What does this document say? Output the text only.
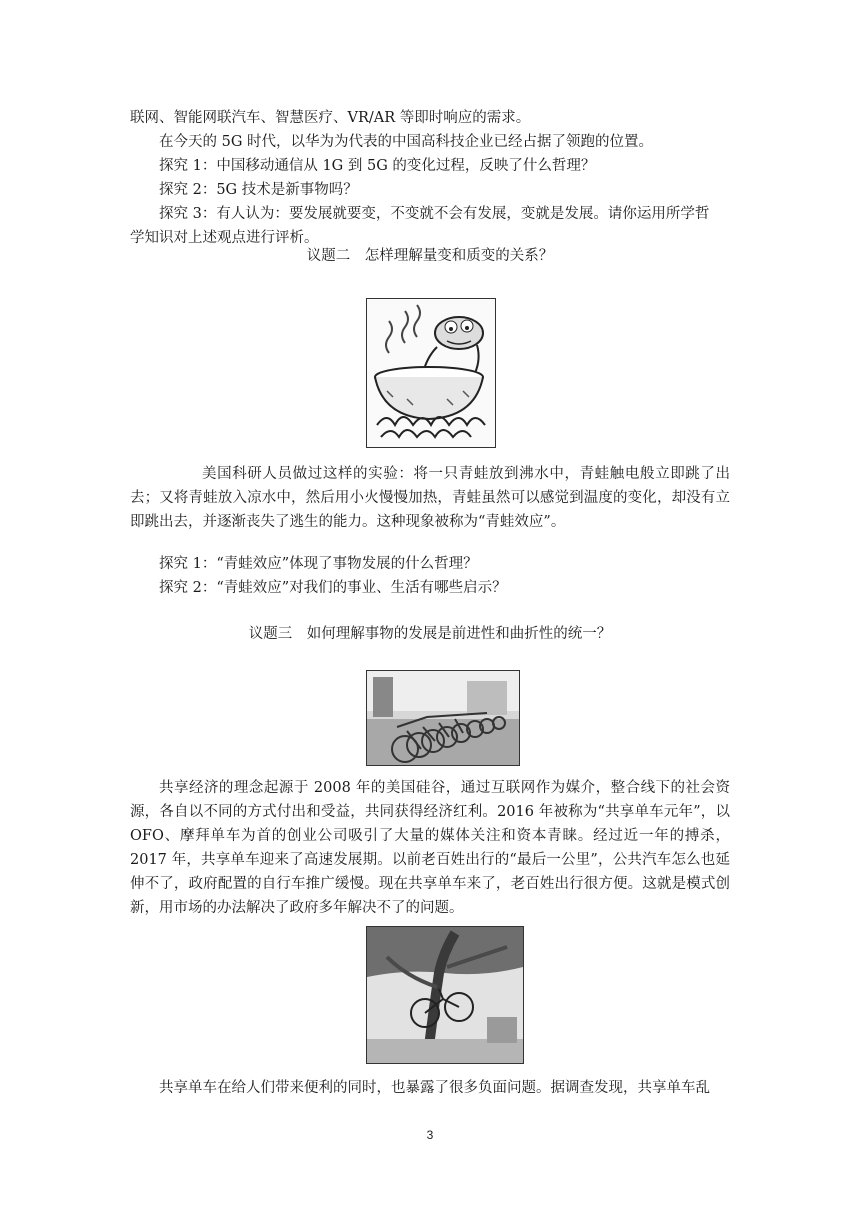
联网、智能网联汽车、智慧医疗、VR/AR 等即时响应的需求。

在今天的 5G 时代，以华为为代表的中国高科技企业已经占据了领跑的位置。

探究 1：中国移动通信从 1G 到 5G 的变化过程，反映了什么哲理？

探究 2：5G 技术是新事物吗？

探究 3：有人认为：要发展就要变，不变就不会有发展，变就是发展。请你运用所学哲

学知识对上述观点进行评析。

议题二　怎样理解量变和质变的关系？

美国科研人员做过这样的实验：将一只青蛙放到沸水中，青蛙触电般立即跳了出去；又将青蛙放入凉水中，然后用小火慢慢加热，青蛙虽然可以感觉到温度的变化，却没有立即跳出去，并逐渐丧失了逃生的能力。这种现象被称为“青蛙效应”。

探究 1：“青蛙效应”体现了事物发展的什么哲理？

探究 2：“青蛙效应”对我们的事业、生活有哪些启示？

议题三　如何理解事物的发展是前进性和曲折性的统一？

共享经济的理念起源于 2008 年的美国硅谷，通过互联网作为媒介，整合线下的社会资源，各自以不同的方式付出和受益，共同获得经济红利。2016 年被称为“共享单车元年”，以 OFO、摩拜单车为首的创业公司吸引了大量的媒体关注和资本青睐。经过近一年的搏杀，2017 年，共享单车迎来了高速发展期。以前老百姓出行的“最后一公里”，公共汽车怎么也延伸不了，政府配置的自行车推广缓慢。现在共享单车来了，老百姓出行很方便。这就是模式创新，用市场的办法解决了政府多年解决不了的问题。

共享单车在给人们带来便利的同时，也暴露了很多负面问题。据调查发现，共享单车乱

3
